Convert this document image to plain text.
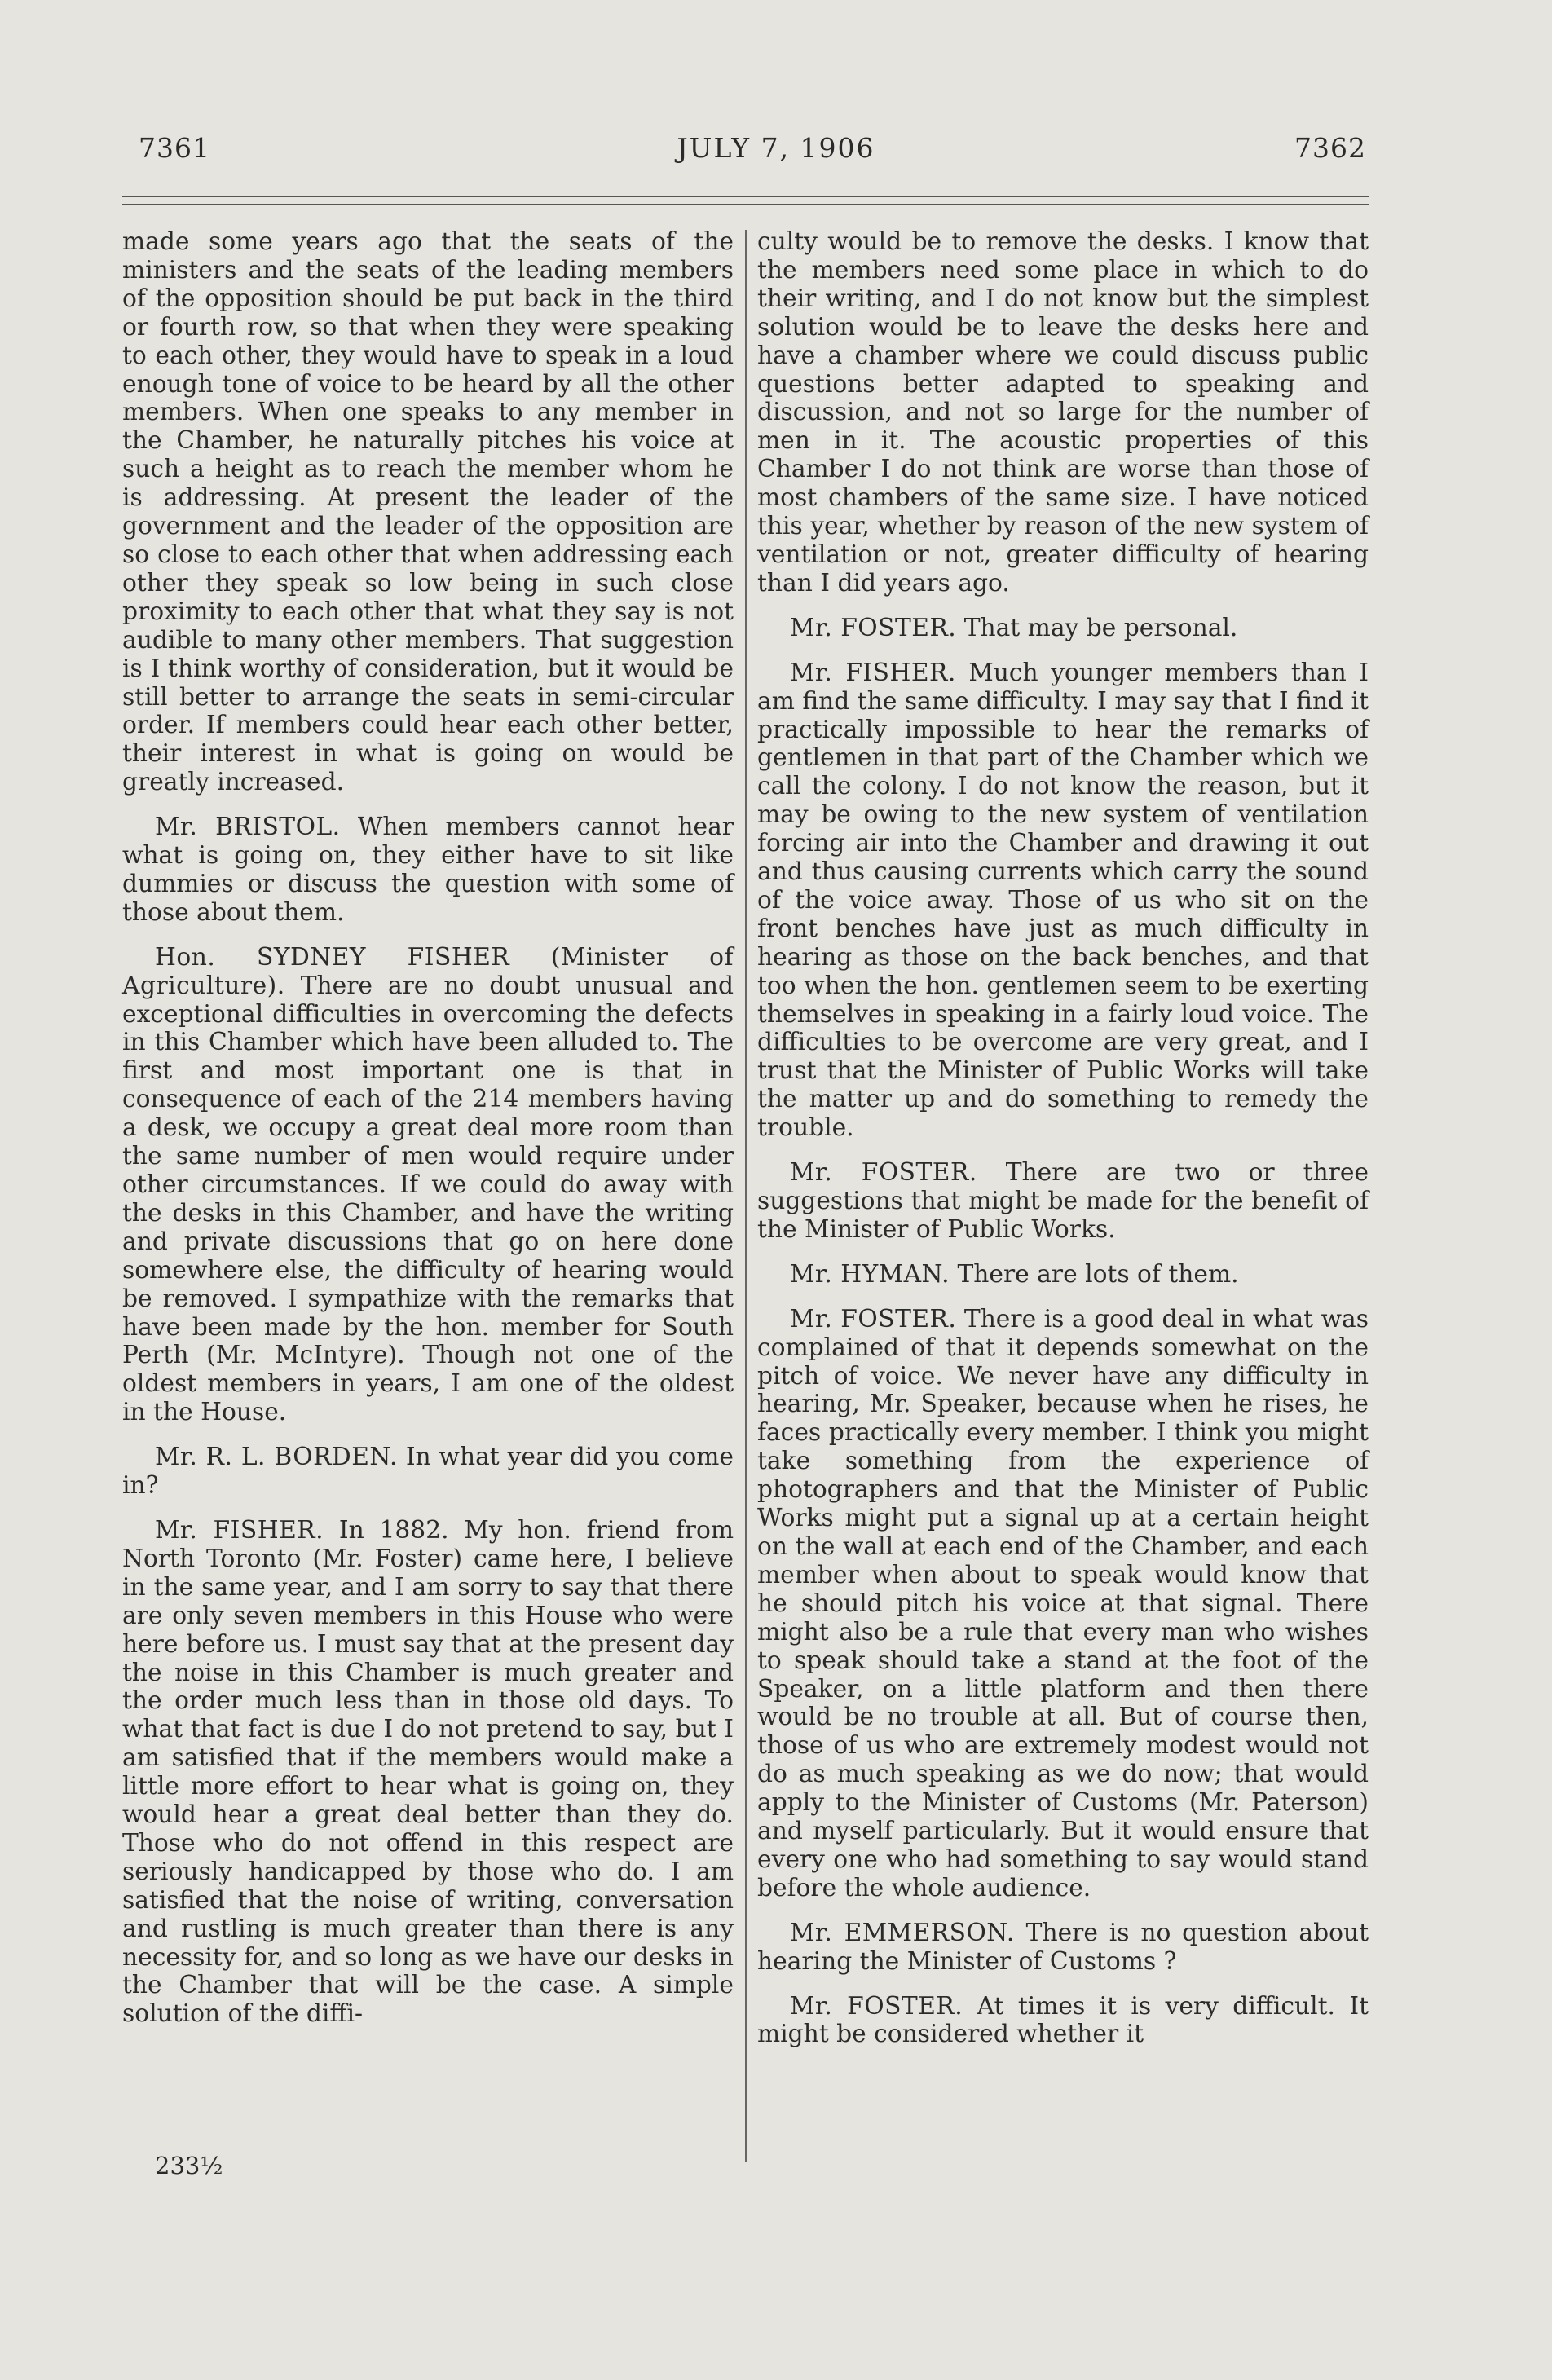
7361	JULY 7, 1906	7362

made some years ago that the seats of the ministers and the seats of the leading members of the opposition should be put back in the third or fourth row, so that when they were speaking to each other, they would have to speak in a loud enough tone of voice to be heard by all the other members. When one speaks to any member in the Chamber, he naturally pitches his voice at such a height as to reach the member whom he is addressing. At present the leader of the government and the leader of the opposition are so close to each other that when addressing each other they speak so low being in such close proximity to each other that what they say is not audible to many other members. That suggestion is I think worthy of consideration, but it would be still better to arrange the seats in semi-circular order. If members could hear each other better, their interest in what is going on would be greatly increased.

Mr. BRISTOL. When members cannot hear what is going on, they either have to sit like dummies or discuss the question with some of those about them.

Hon. SYDNEY FISHER (Minister of Agriculture). There are no doubt unusual and exceptional difficulties in overcoming the defects in this Chamber which have been alluded to. The first and most important one is that in consequence of each of the 214 members having a desk, we occupy a great deal more room than the same number of men would require under other circumstances. If we could do away with the desks in this Chamber, and have the writing and private discussions that go on here done somewhere else, the difficulty of hearing would be removed. I sympathize with the remarks that have been made by the hon. member for South Perth (Mr. McIntyre). Though not one of the oldest members in years, I am one of the oldest in the House.

Mr. R. L. BORDEN. In what year did you come in?

Mr. FISHER. In 1882. My hon. friend from North Toronto (Mr. Foster) came here, I believe in the same year, and I am sorry to say that there are only seven members in this House who were here before us. I must say that at the present day the noise in this Chamber is much greater and the order much less than in those old days. To what that fact is due I do not pretend to say, but I am satisfied that if the members would make a little more effort to hear what is going on, they would hear a great deal better than they do. Those who do not offend in this respect are seriously handicapped by those who do. I am satisfied that the noise of writing, conversation and rustling is much greater than there is any necessity for, and so long as we have our desks in the Chamber that will be the case. A simple solution of the diffi-

culty would be to remove the desks. I know that the members need some place in which to do their writing, and I do not know but the simplest solution would be to leave the desks here and have a chamber where we could discuss public questions better adapted to speaking and discussion, and not so large for the number of men in it. The acoustic properties of this Chamber I do not think are worse than those of most chambers of the same size. I have noticed this year, whether by reason of the new system of ventilation or not, greater difficulty of hearing than I did years ago.

Mr. FOSTER. That may be personal.

Mr. FISHER. Much younger members than I am find the same difficulty. I may say that I find it practically impossible to hear the remarks of gentlemen in that part of the Chamber which we call the colony. I do not know the reason, but it may be owing to the new system of ventilation forcing air into the Chamber and drawing it out and thus causing currents which carry the sound of the voice away. Those of us who sit on the front benches have just as much difficulty in hearing as those on the back benches, and that too when the hon. gentlemen seem to be exerting themselves in speaking in a fairly loud voice. The difficulties to be overcome are very great, and I trust that the Minister of Public Works will take the matter up and do something to remedy the trouble.

Mr. FOSTER. There are two or three suggestions that might be made for the benefit of the Minister of Public Works.

Mr. HYMAN. There are lots of them.

Mr. FOSTER. There is a good deal in what was complained of that it depends somewhat on the pitch of voice. We never have any difficulty in hearing, Mr. Speaker, because when he rises, he faces practically every member. I think you might take something from the experience of photographers and that the Minister of Public Works might put a signal up at a certain height on the wall at each end of the Chamber, and each member when about to speak would know that he should pitch his voice at that signal. There might also be a rule that every man who wishes to speak should take a stand at the foot of the Speaker, on a little platform and then there would be no trouble at all. But of course then, those of us who are extremely modest would not do as much speaking as we do now; that would apply to the Minister of Customs (Mr. Paterson) and myself particularly. But it would ensure that every one who had something to say would stand before the whole audience.

Mr. EMMERSON. There is no question about hearing the Minister of Customs ?

Mr. FOSTER. At times it is very difficult. It might be considered whether it

233½
